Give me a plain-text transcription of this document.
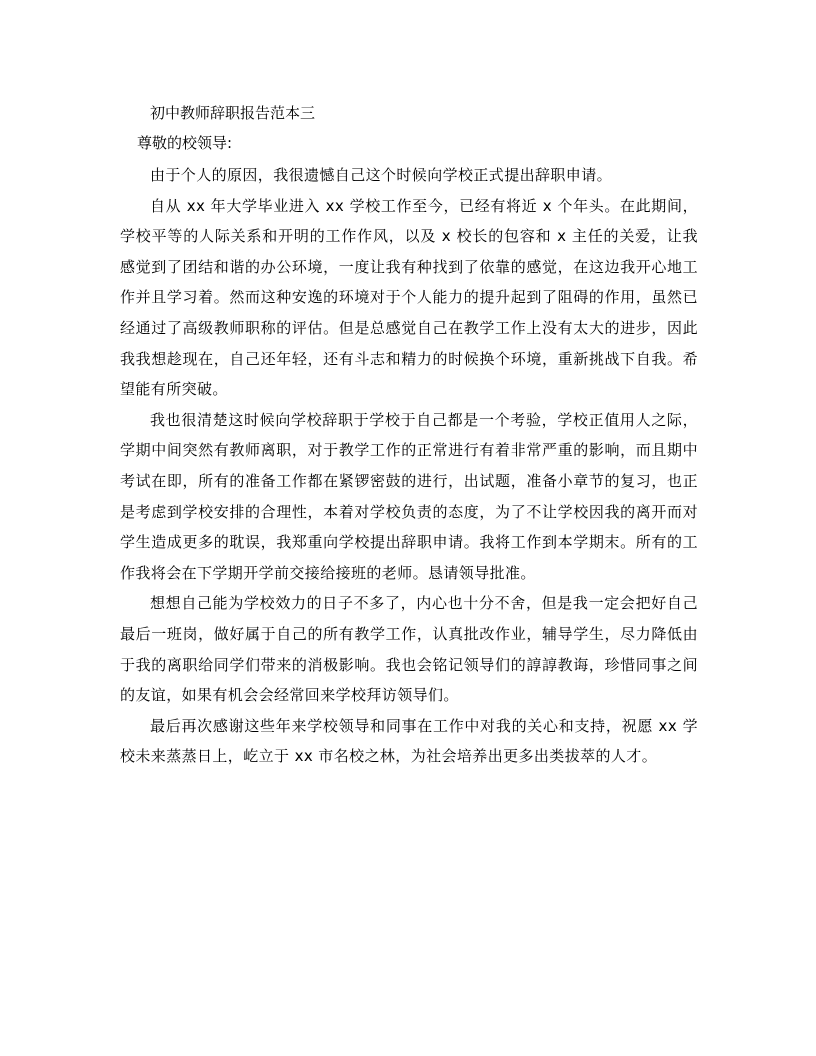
初中教师辞职报告范本三
尊敬的校领导:

由于个人的原因，我很遗憾自己这个时候向学校正式提出辞职申请。

自从 xx 年大学毕业进入 xx 学校工作至今，已经有将近 x 个年头。在此期间，学校平等的人际关系和开明的工作作风，以及 x 校长的包容和 x 主任的关爱，让我感觉到了团结和谐的办公环境，一度让我有种找到了依靠的感觉，在这边我开心地工作并且学习着。然而这种安逸的环境对于个人能力的提升起到了阻碍的作用，虽然已经通过了高级教师职称的评估。但是总感觉自己在教学工作上没有太大的进步，因此我我想趁现在，自己还年轻，还有斗志和精力的时候换个环境，重新挑战下自我。希望能有所突破。

我也很清楚这时候向学校辞职于学校于自己都是一个考验，学校正值用人之际，学期中间突然有教师离职，对于教学工作的正常进行有着非常严重的影响，而且期中考试在即，所有的准备工作都在紧锣密鼓的进行，出试题，准备小章节的复习，也正是考虑到学校安排的合理性，本着对学校负责的态度，为了不让学校因我的离开而对学生造成更多的耽误，我郑重向学校提出辞职申请。我将工作到本学期末。所有的工作我将会在下学期开学前交接给接班的老师。恳请领导批准。

想想自己能为学校效力的日子不多了，内心也十分不舍，但是我一定会把好自己最后一班岗，做好属于自己的所有教学工作，认真批改作业，辅导学生，尽力降低由于我的离职给同学们带来的消极影响。我也会铭记领导们的諄諄教诲，珍惜同事之间的友谊，如果有机会会经常回来学校拜访领导们。

最后再次感谢这些年来学校领导和同事在工作中对我的关心和支持，祝愿 xx 学校未来蒸蒸日上，屹立于 xx 市名校之林，为社会培养出更多出类拔萃的人才。
